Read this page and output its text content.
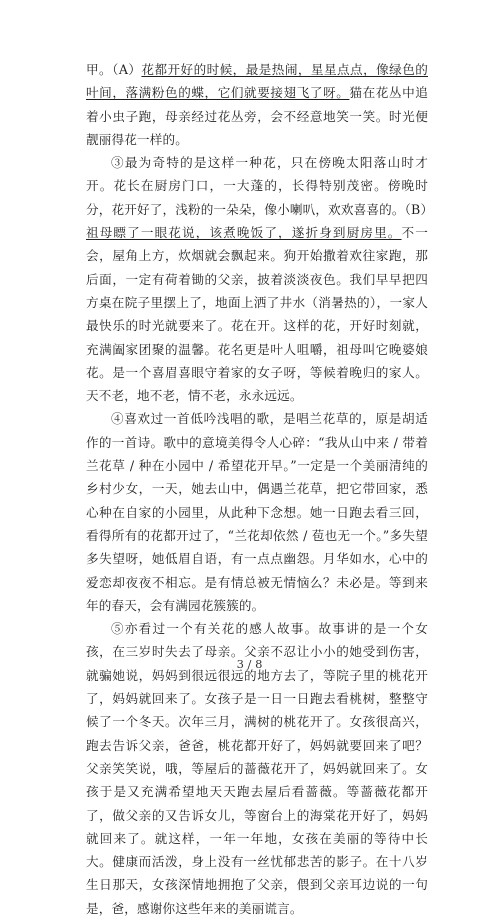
甲。（A）花都开好的时候，最是热闹，星星点点，像绿色的叶间，落满粉色的蝶，它们就要接翅飞了呀。猫在花丛中追着小虫子跑，母亲经过花丛旁，会不经意地笑一笑。时光便靓丽得花一样的。

③最为奇特的是这样一种花，只在傍晚太阳落山时才开。花长在厨房门口，一大蓬的，长得特别茂密。傍晚时分，花开好了，浅粉的一朵朵，像小喇叭，欢欢喜喜的。（B）祖母瞟了一眼花说，该煮晚饭了，遂折身到厨房里。不一会，屋角上方，炊烟就会飘起来。狗开始撒着欢往家跑，那后面，一定有荷着锄的父亲，披着淡淡夜色。我们早早把四方桌在院子里摆上了，地面上洒了井水（消暑热的），一家人最快乐的时光就要来了。花在开。这样的花，开好时刻就，充满阖家团聚的温馨。花名更是叶人咀嚼，祖母叫它晚婆娘花。是一个喜眉喜眼守着家的女子呀，等候着晚归的家人。天不老，地不老，情不老，永永远远。

④喜欢过一首低吟浅唱的歌，是唱兰花草的，原是胡适作的一首诗。歌中的意境美得令人心碎：“我从山中来 / 带着兰花草 / 种在小园中 / 希望花开早。”一定是一个美丽清纯的乡村少女，一天，她去山中，偶遇兰花草，把它带回家，悉心种在自家的小园里，从此种下念想。她一日跑去看三回，看得所有的花都开过了，“兰花却依然 / 苞也无一个。”多失望多失望呀，她低眉自语，有一点点幽怨。月华如水，心中的爱恋却夜夜不相忘。是有情总被无情恼么？未必是。等到来年的春天，会有满园花簇簇的。

⑤亦看过一个有关花的感人故事。故事讲的是一个女孩，在三岁时失去了母亲。父亲不忍让小小的她受到伤害，就骗她说，妈妈到很远很远的地方去了，等院子里的桃花开了，妈妈就回来了。女孩子是一日一日跑去看桃树，整整守候了一个冬天。次年三月，满树的桃花开了。女孩很高兴，跑去告诉父亲，爸爸，桃花都开好了，妈妈就要回来了吧？父亲笑笑说，哦，等屋后的蔷薇花开了，妈妈就回来了。女孩于是又充满希望地天天跑去屋后看蔷薇。等蔷薇花都开了，做父亲的又告诉女儿，等窗台上的海棠花开好了，妈妈就回来了。就这样，一年一年地，女孩在美丽的等待中长大。健康而活泼，身上没有一丝忧郁悲苦的影子。在十八岁生日那天，女孩深情地拥抱了父亲，偎到父亲耳边说的一句是，爸，感谢你这些年来的美丽谎言。

3 / 8
